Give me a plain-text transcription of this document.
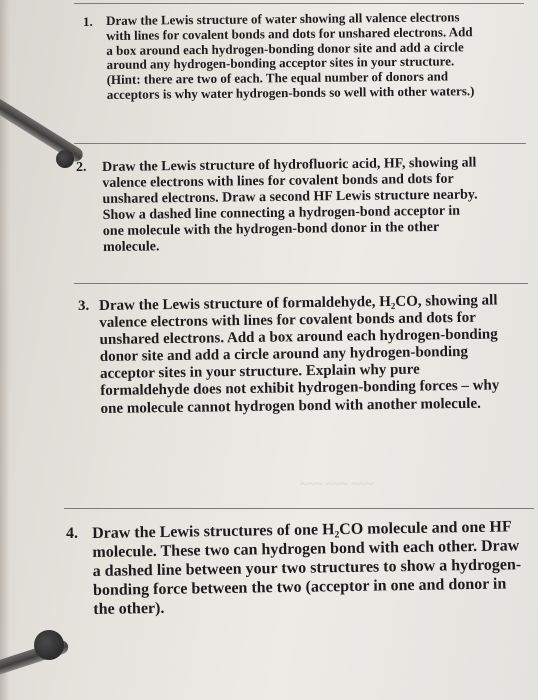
1. Draw the Lewis structure of water showing all valence electrons with lines for covalent bonds and dots for unshared electrons. Add a box around each hydrogen-bonding donor site and add a circle around any hydrogen-bonding acceptor sites in your structure. (Hint: there are two of each. The equal number of donors and acceptors is why water hydrogen-bonds so well with other waters.)

2. Draw the Lewis structure of hydrofluoric acid, HF, showing all valence electrons with lines for covalent bonds and dots for unshared electrons. Draw a second HF Lewis structure nearby. Show a dashed line connecting a hydrogen-bond acceptor in one molecule with the hydrogen-bond donor in the other molecule.

3. Draw the Lewis structure of formaldehyde, H₂CO, showing all valence electrons with lines for covalent bonds and dots for unshared electrons. Add a box around each hydrogen-bonding donor site and add a circle around any hydrogen-bonding acceptor sites in your structure. Explain why pure formaldehyde does not exhibit hydrogen-bonding forces – why one molecule cannot hydrogen bond with another molecule.

~~~ ~~~ ~~~
4. Draw the Lewis structures of one H₂CO molecule and one HF molecule. These two can hydrogen bond with each other. Draw a dashed line between your two structures to show a hydrogen-bonding force between the two (acceptor in one and donor in the other).
